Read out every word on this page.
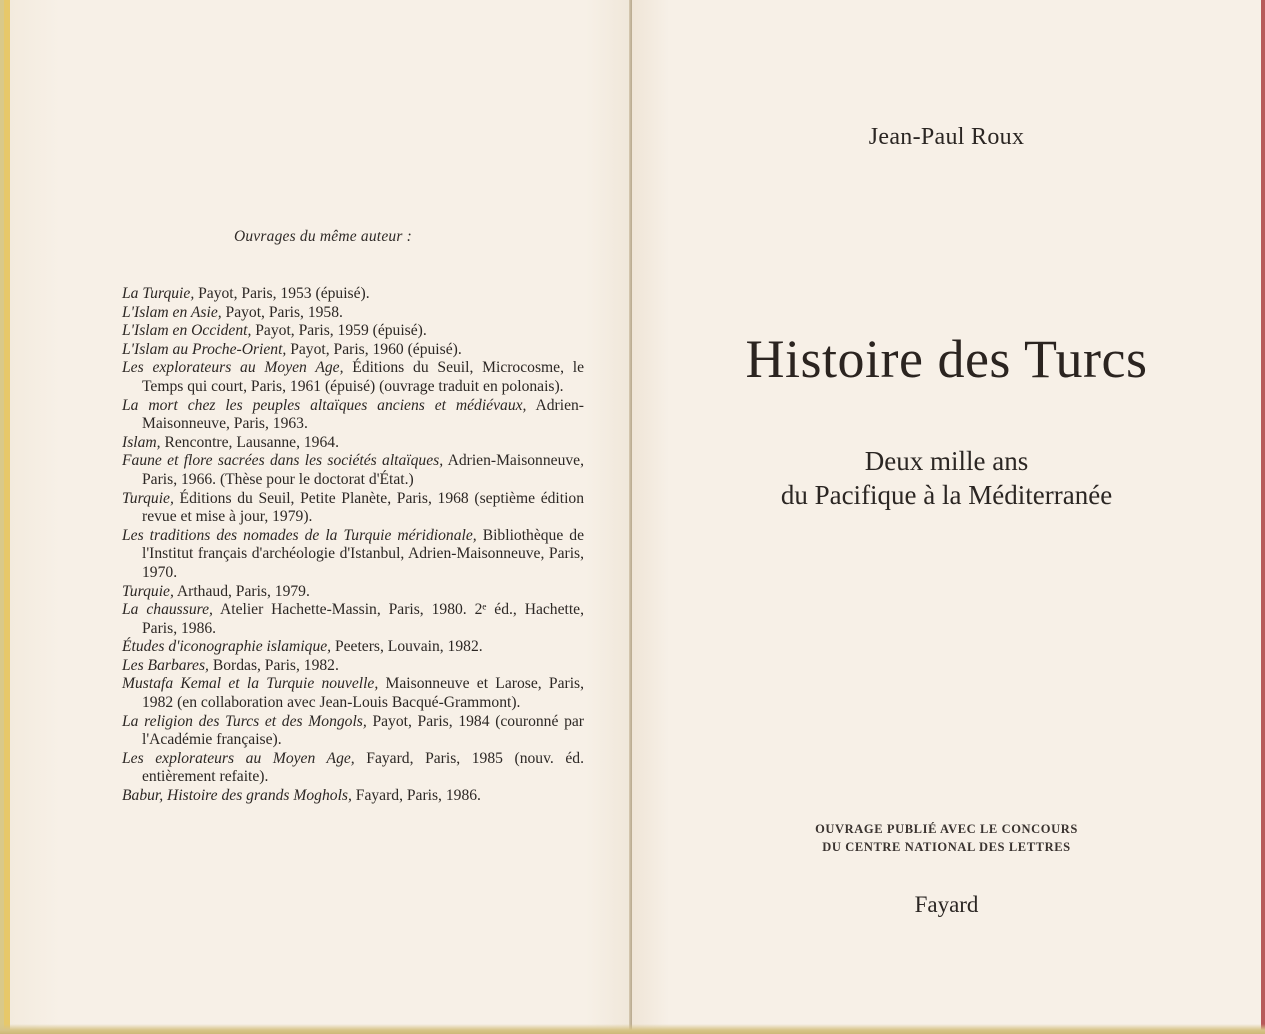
Ouvrages du même auteur :
La Turquie, Payot, Paris, 1953 (épuisé).
L'Islam en Asie, Payot, Paris, 1958.
L'Islam en Occident, Payot, Paris, 1959 (épuisé).
L'Islam au Proche-Orient, Payot, Paris, 1960 (épuisé).
Les explorateurs au Moyen Age, Éditions du Seuil, Microcosme, le Temps qui court, Paris, 1961 (épuisé) (ouvrage traduit en polonais).
La mort chez les peuples altaïques anciens et médiévaux, Adrien-Maisonneuve, Paris, 1963.
Islam, Rencontre, Lausanne, 1964.
Faune et flore sacrées dans les sociétés altaïques, Adrien-Maisonneuve, Paris, 1966. (Thèse pour le doctorat d'État.)
Turquie, Éditions du Seuil, Petite Planète, Paris, 1968 (septième édition revue et mise à jour, 1979).
Les traditions des nomades de la Turquie méridionale, Bibliothèque de l'Institut français d'archéologie d'Istanbul, Adrien-Maisonneuve, Paris, 1970.
Turquie, Arthaud, Paris, 1979.
La chaussure, Atelier Hachette-Massin, Paris, 1980. 2ᵉ éd., Hachette, Paris, 1986.
Études d'iconographie islamique, Peeters, Louvain, 1982.
Les Barbares, Bordas, Paris, 1982.
Mustafa Kemal et la Turquie nouvelle, Maisonneuve et Larose, Paris, 1982 (en collaboration avec Jean-Louis Bacqué-Grammont).
La religion des Turcs et des Mongols, Payot, Paris, 1984 (couronné par l'Académie française).
Les explorateurs au Moyen Age, Fayard, Paris, 1985 (nouv. éd. entièrement refaite).
Babur, Histoire des grands Moghols, Fayard, Paris, 1986.
Jean-Paul Roux
Histoire des Turcs
Deux mille ans
du Pacifique à la Méditerranée
OUVRAGE PUBLIÉ AVEC LE CONCOURS
DU CENTRE NATIONAL DES LETTRES
Fayard
